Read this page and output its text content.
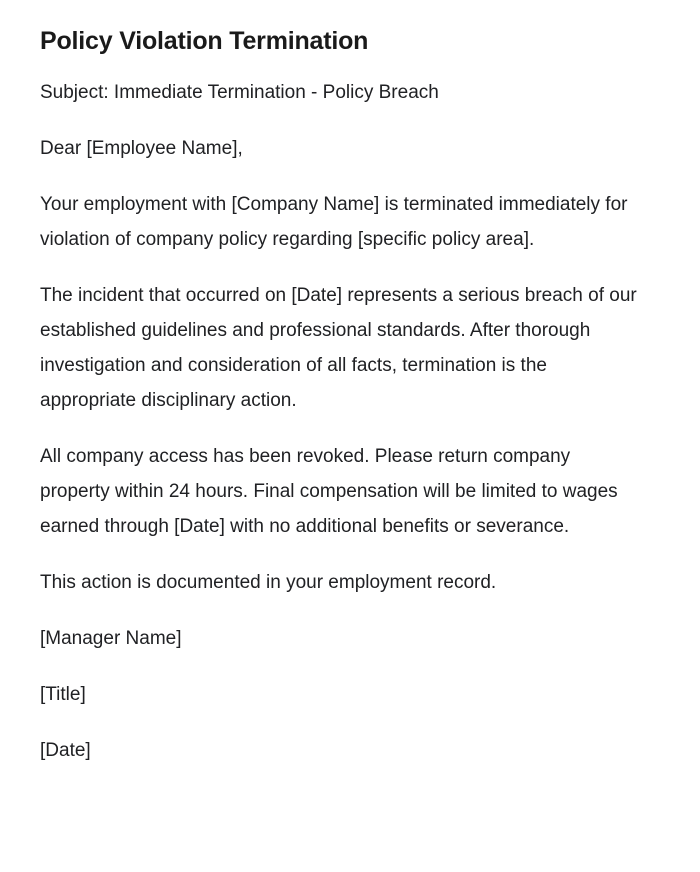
Policy Violation Termination

Subject: Immediate Termination - Policy Breach

Dear [Employee Name],

Your employment with [Company Name] is terminated immediately for violation of company policy regarding [specific policy area].

The incident that occurred on [Date] represents a serious breach of our established guidelines and professional standards. After thorough investigation and consideration of all facts, termination is the appropriate disciplinary action.

All company access has been revoked. Please return company property within 24 hours. Final compensation will be limited to wages earned through [Date] with no additional benefits or severance.

This action is documented in your employment record.

[Manager Name]

[Title]

[Date]
